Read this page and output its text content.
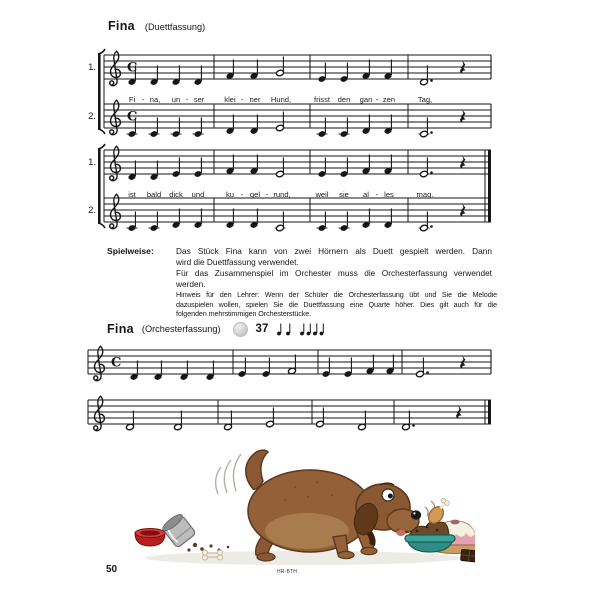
Fina (Duettfassung)
1. C
Fi - na, un - ser	klei - ner Hund,	frisst den gan - zen	Tag,
2. C
1.
ist bald dick und	ku - gel - rund,	weil sie al - les	mag.
2.
C
Spielweise:	Das Stück Fina kann von zwei Hörnern als Duett gespielt werden. Dann
wird die Duettfassung verwendet.
Für das Zusammenspiel im Orchester muss die Orchesterfassung verwendet
werden.
Hinweis für den Lehrer: Wenn der Schüler die Orchesterfassung übt und Sie die Melodie
dazuspielen wollen, spielen Sie die Duettfassung eine Quarte höher. Dies gilt auch für die
folgenden mehrstimmigen Orchesterstücke.
Fina (Orchesterfassung)	37
50	HR-BTH
